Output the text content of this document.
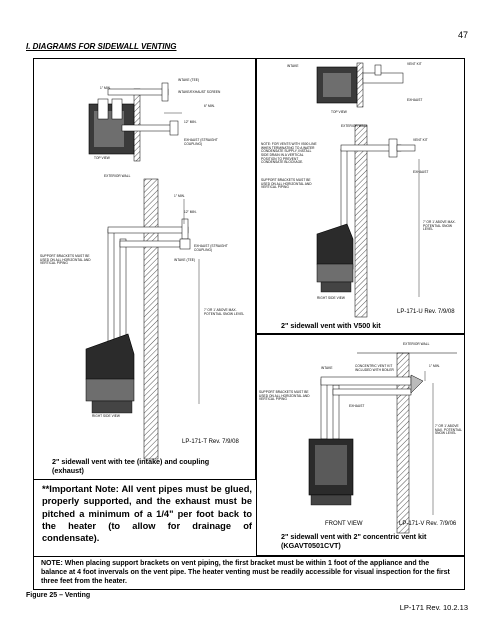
47
I. DIAGRAMS FOR SIDEWALL VENTING
1" MIN.
INTAKE (TEE)
INTAKE/EXHAUST SCREEN
6" MIN.
12" MIN.
EXHAUST (STRAIGHT COUPLING)
TOP VIEW
EXTERIOR WALL
1" MIN.
12" MIN.
EXHAUST (STRAIGHT COUPLING)
INTAKE (TEE)
SUPPORT BRACKETS MUST BE USED ON ALL HORIZONTAL AND VERTICAL PIPING
7' OR 1' ABOVE MAX. POTENTIAL SNOW LEVEL
RIGHT SIDE VIEW
LP-171-T Rev. 7/9/08
2" sidewall vent with tee (intake) and coupling (exhaust)
INTAKE	VENT KIT
EXHAUST
TOP VIEW
EXTERIOR WALL
NOTE: FOR VENTS WITH V500 LINE WHEN TERMINATING TO A WATER CONDENSATE SUPPLY, INSTALL SIDE DRAIN IN A VERTICAL POSITION TO PREVENT CONDENSATE BLOCKAGE.
VENT KIT
EXHAUST
SUPPORT BRACKETS MUST BE USED ON ALL HORIZONTAL AND VERTICAL PIPING
7' OR 1' ABOVE MAX. POTENTIAL SNOW LEVEL
RIGHT SIDE VIEW
LP-171-U Rev. 7/9/08
2" sidewall vent with V500 kit
EXTERIOR WALL
INTAKE	CONCENTRIC VENT KIT INCLUDED WITH BOILER
SUPPORT BRACKETS MUST BE USED ON ALL HORIZONTAL AND VERTICAL PIPING
EXHAUST
1" MIN.
7' OR 1' ABOVE MAX. POTENTIAL SNOW LEVEL
FRONT VIEW	LP-171-V Rev. 7/9/06
2" sidewall vent with 2" concentric vent kit (KGAVT0501CVT)
**Important Note: All vent pipes must be glued, properly supported, and the exhaust must be pitched a minimum of a 1/4" per foot back to the heater (to allow for drainage of condensate).
NOTE: When placing support brackets on vent piping, the first bracket must be within 1 foot of the appliance and the balance at 4 foot invervals on the vent pipe. The heater venting must be readily accessible for visual inspection for the first three feet from the heater.
Figure 25 – Venting
LP-171 Rev. 10.2.13
